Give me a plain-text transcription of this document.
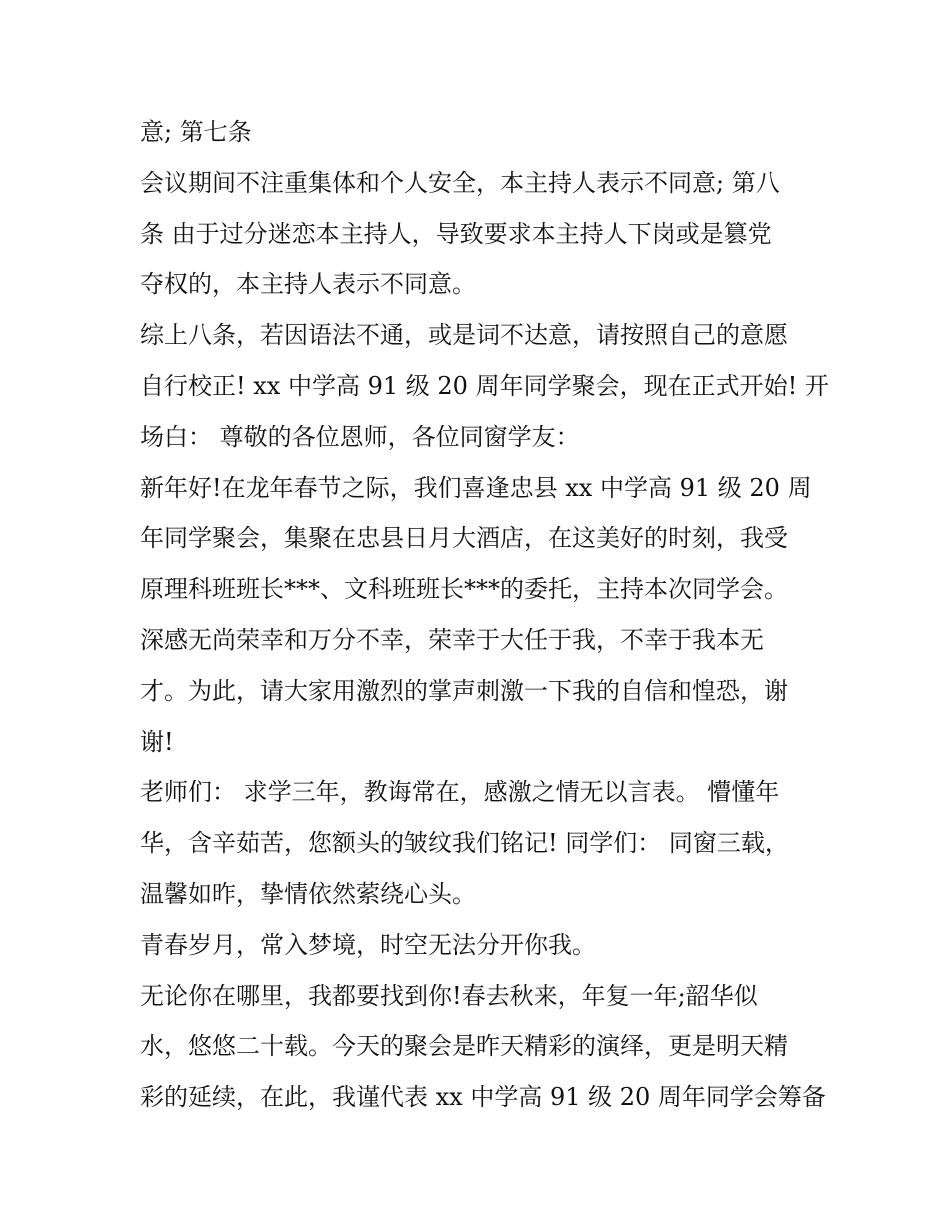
意; 第七条
会议期间不注重集体和个人安全，本主持人表示不同意; 第八
条 由于过分迷恋本主持人，导致要求本主持人下岗或是篡党
夺权的，本主持人表示不同意。
综上八条，若因语法不通，或是词不达意，请按照自己的意愿
自行校正! xx 中学高 91 级 20 周年同学聚会，现在正式开始! 开
场白： 尊敬的各位恩师，各位同窗学友：
新年好!在龙年春节之际，我们喜逢忠县 xx 中学高 91 级 20 周
年同学聚会，集聚在忠县日月大酒店，在这美好的时刻，我受
原理科班班长***、文科班班长***的委托，主持本次同学会。
深感无尚荣幸和万分不幸，荣幸于大任于我，不幸于我本无
才。为此，请大家用激烈的掌声刺激一下我的自信和惶恐，谢
谢!
老师们： 求学三年，教诲常在，感激之情无以言表。 懵懂年
华，含辛茹苦，您额头的皱纹我们铭记! 同学们： 同窗三载，
温馨如昨，挚情依然萦绕心头。
青春岁月，常入梦境，时空无法分开你我。
无论你在哪里，我都要找到你!春去秋来，年复一年;韶华似
水，悠悠二十载。今天的聚会是昨天精彩的演绎，更是明天精
彩的延续，在此，我谨代表 xx 中学高 91 级 20 周年同学会筹备
